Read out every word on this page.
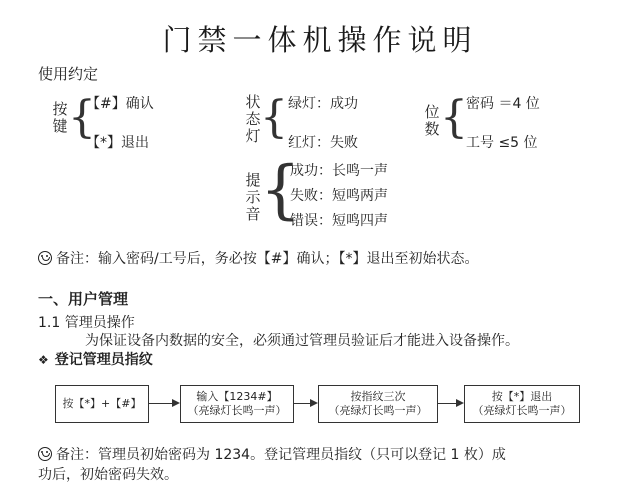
门禁一体机操作说明
使用约定
按键 {
【#】确认
【*】退出
状态灯 { 绿灯：成功
红灯：失败
位数 {
密码 ＝4 位
工号 ≤5 位
提示音 {
成功：长鸣一声
失败：短鸣两声
错误：短鸣四声
备注：输入密码/工号后，务必按【#】确认；【*】退出至初始状态。
一、用户管理
1.1 管理员操作
为保证设备内数据的安全，必须通过管理员验证后才能进入设备操作。
❖ 登记管理员指纹
按【*】+【#】
输入【1234#】
（亮绿灯长鸣一声）
按指纹三次
（亮绿灯长鸣一声）
按【*】退出
（亮绿灯长鸣一声）
备注：管理员初始密码为 1234。登记管理员指纹（只可以登记 1 枚）成
功后，初始密码失效。
